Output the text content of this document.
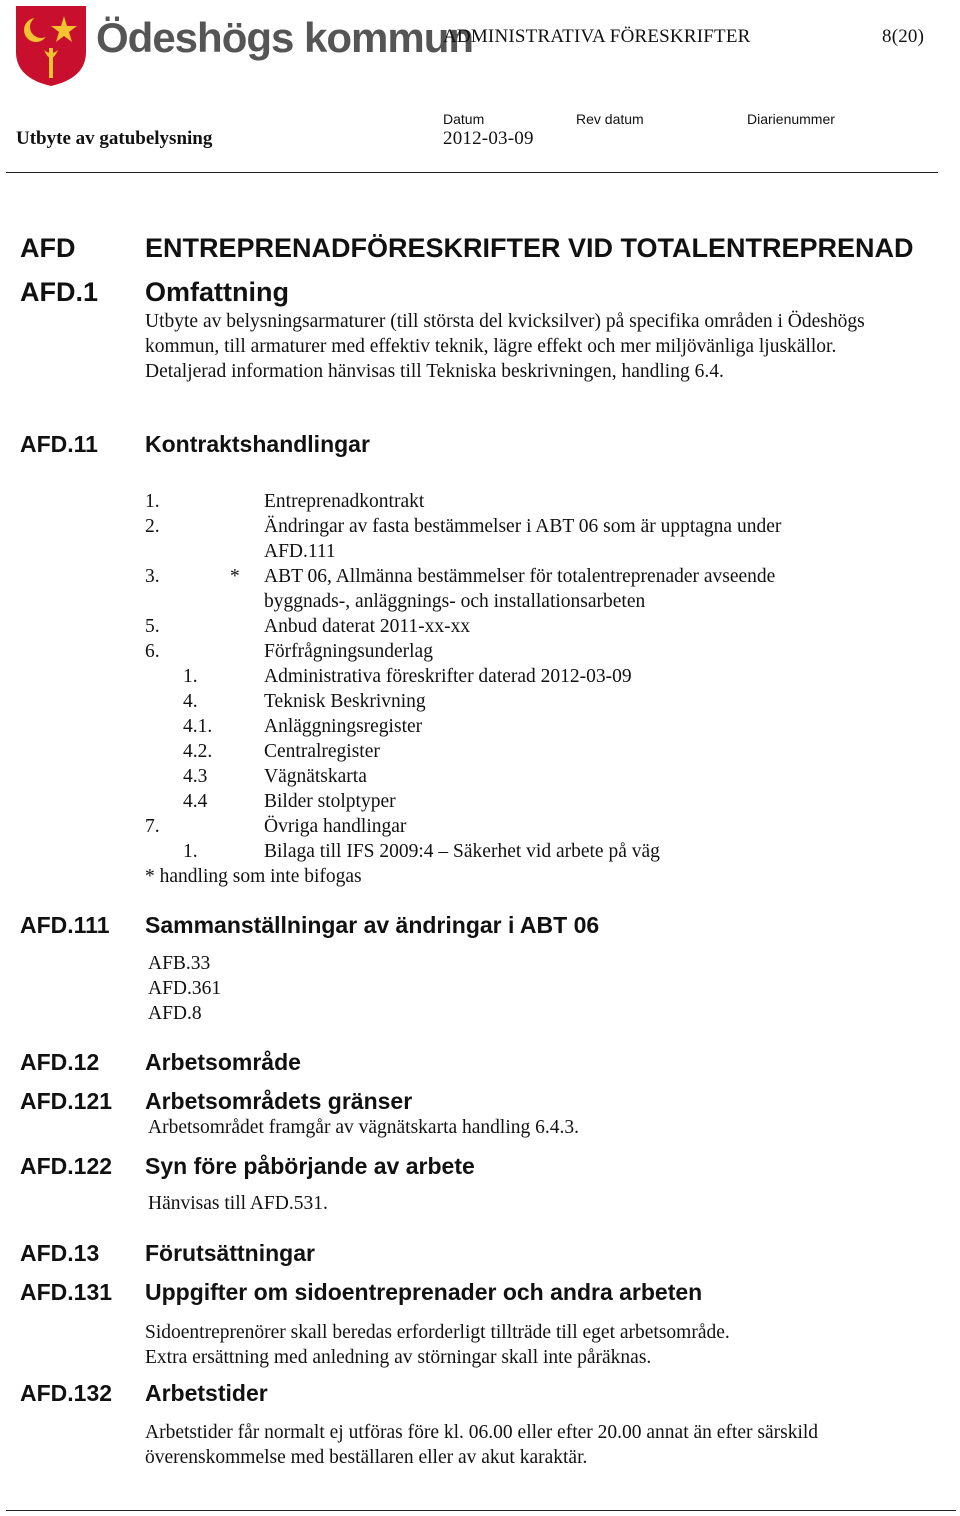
Ödeshögs kommun
ADMINISTRATIVA FÖRESKRIFTER	8(20)
Datum	Rev datum	Diarienummer
Utbyte av gatubelysning	2012-03-09
AFD	ENTREPRENADFÖRESKRIFTER VID TOTALENTREPRENAD
AFD.1 Omfattning
Utbyte av belysningsarmaturer (till största del kvicksilver) på specifika områden i Ödeshögs
kommun, till armaturer med effektiv teknik, lägre effekt och mer miljövänliga ljuskällor.
Detaljerad information hänvisas till Tekniska beskrivningen, handling 6.4.
AFD.11 Kontraktshandlingar
1.	Entreprenadkontrakt
2.	Ändringar av fasta bestämmelser i ABT 06 som är upptagna under
AFD.111
3.	* ABT 06, Allmänna bestämmelser för totalentreprenader avseende
byggnads-, anläggnings- och installationsarbeten
5.	Anbud daterat 2011-xx-xx
6.	Förfrågningsunderlag
1.	Administrativa föreskrifter daterad 2012-03-09
4.	Teknisk Beskrivning
4.1.	Anläggningsregister
4.2.	Centralregister
4.3	Vägnätskarta
4.4	Bilder stolptyper
7.	Övriga handlingar
1.	Bilaga till IFS 2009:4 – Säkerhet vid arbete på väg
* handling som inte bifogas
AFD.111 Sammanställningar av ändringar i ABT 06
AFB.33
AFD.361
AFD.8
AFD.12 Arbetsområde
AFD.121 Arbetsområdets gränser
Arbetsområdet framgår av vägnätskarta handling 6.4.3.
AFD.122 Syn före påbörjande av arbete
Hänvisas till AFD.531.
AFD.13 Förutsättningar
AFD.131 Uppgifter om sidoentreprenader och andra arbeten
Sidoentreprenörer skall beredas erforderligt tillträde till eget arbetsområde.
Extra ersättning med anledning av störningar skall inte påräknas.
AFD.132 Arbetstider
Arbetstider får normalt ej utföras före kl. 06.00 eller efter 20.00 annat än efter särskild
överenskommelse med beställaren eller av akut karaktär.
